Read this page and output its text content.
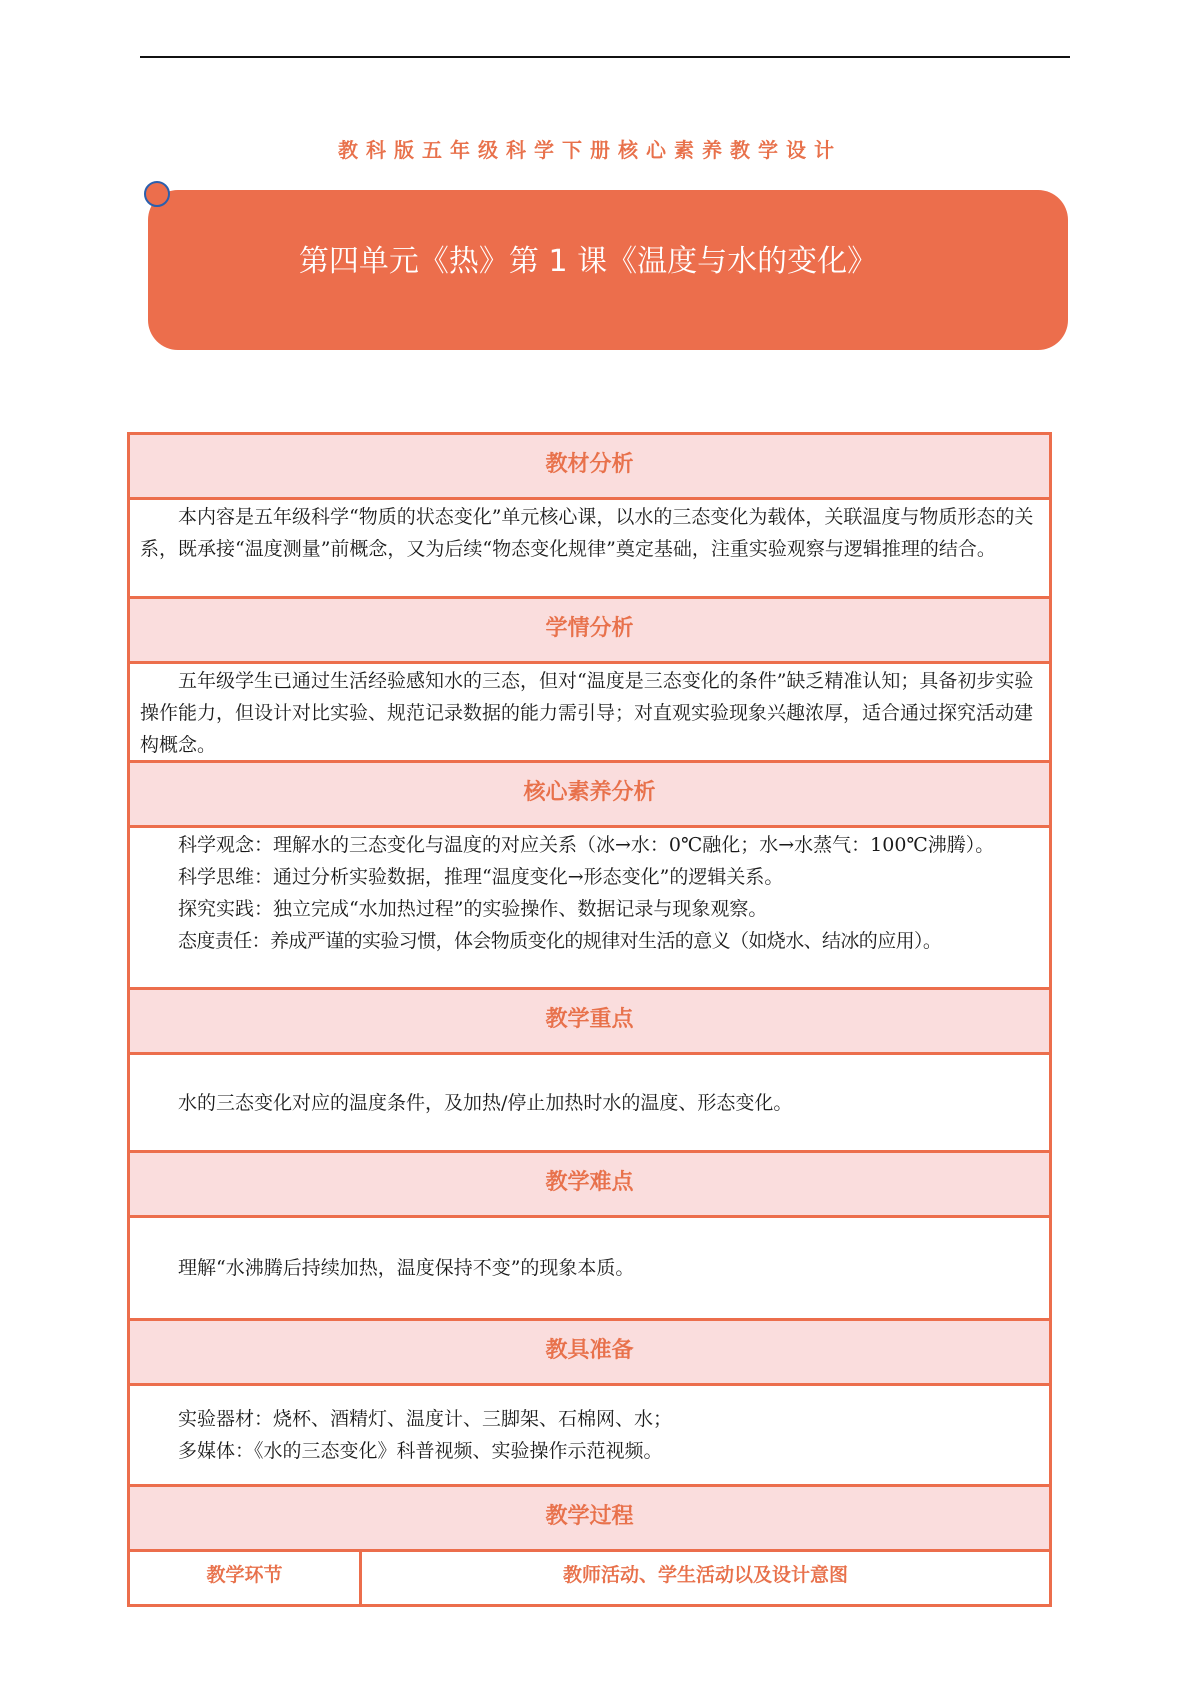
教科版五年级科学下册核心素养教学设计
第四单元《热》第 1 课《温度与水的变化》
教材分析

本内容是五年级科学“物质的状态变化”单元核心课，以水的三态变化为载体，关联温度与物质形态的关系，既承接“温度测量”前概念，又为后续“物态变化规律”奠定基础，注重实验观察与逻辑推理的结合。

学情分析

五年级学生已通过生活经验感知水的三态，但对“温度是三态变化的条件”缺乏精准认知；具备初步实验操作能力，但设计对比实验、规范记录数据的能力需引导；对直观实验现象兴趣浓厚，适合通过探究活动建构概念。

核心素养分析

科学观念：理解水的三态变化与温度的对应关系（冰→水：0℃融化；水→水蒸气：100℃沸腾）。

科学思维：通过分析实验数据，推理“温度变化→形态变化”的逻辑关系。

探究实践：独立完成“水加热过程”的实验操作、数据记录与现象观察。

态度责任：养成严谨的实验习惯，体会物质变化的规律对生活的意义（如烧水、结冰的应用）。

教学重点

水的三态变化对应的温度条件，及加热/停止加热时水的温度、形态变化。

教学难点

理解“水沸腾后持续加热，温度保持不变”的现象本质。

教具准备

实验器材：烧杯、酒精灯、温度计、三脚架、石棉网、水；

多媒体：《水的三态变化》科普视频、实验操作示范视频。

教学过程
教学环节	教师活动、学生活动以及设计意图
